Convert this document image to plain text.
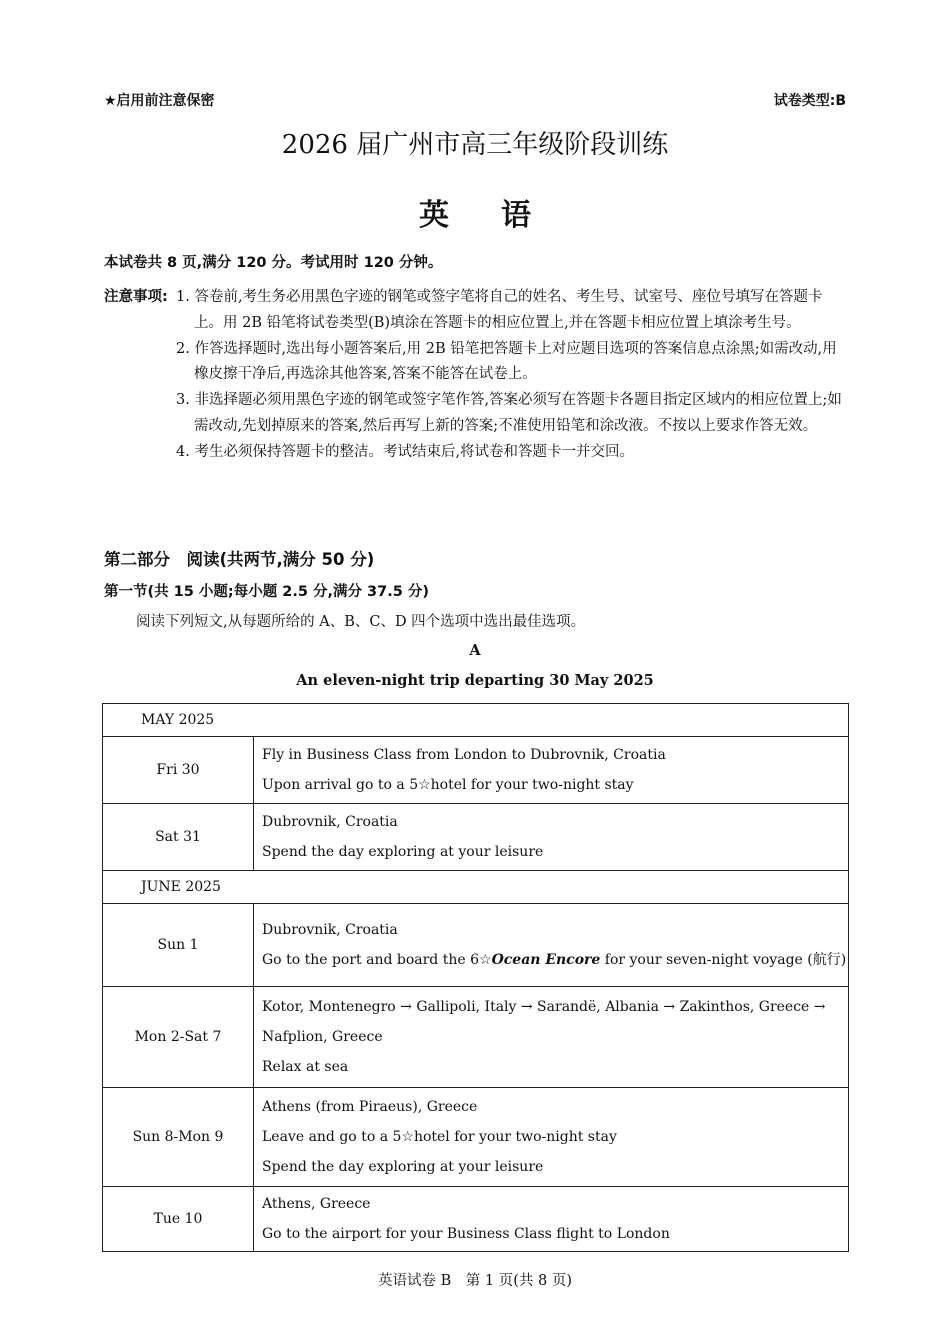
★启用前注意保密	试卷类型:B
2026 届广州市高三年级阶段训练
英语
本试卷共 8 页,满分 120 分。考试用时 120 分钟。
注意事项: 1. 答卷前,考生务必用黑色字迹的钢笔或签字笔将自己的姓名、考生号、试室号、座位号填写在答题卡上。用 2B 铅笔将试卷类型(B)填涂在答题卡的相应位置上,并在答题卡相应位置上填涂考生号。
2. 作答选择题时,选出每小题答案后,用 2B 铅笔把答题卡上对应题目选项的答案信息点涂黑;如需改动,用橡皮擦干净后,再选涂其他答案,答案不能答在试卷上。
3. 非选择题必须用黑色字迹的钢笔或签字笔作答,答案必须写在答题卡各题目指定区域内的相应位置上;如需改动,先划掉原来的答案,然后再写上新的答案;不准使用铅笔和涂改液。不按以上要求作答无效。
4. 考生必须保持答题卡的整洁。考试结束后,将试卷和答题卡一并交回。
第二部分　阅读(共两节,满分 50 分)
第一节(共 15 小题;每小题 2.5 分,满分 37.5 分)
阅读下列短文,从每题所给的 A、B、C、D 四个选项中选出最佳选项。
A
An eleven-night trip departing 30 May 2025
MAY 2025	
Fri 30	Fly in Business Class from London to Dubrovnik, Croatia
Upon arrival go to a 5☆hotel for your two-night stay

Sat 31	Dubrovnik, Croatia
Spend the day exploring at your leisure

JUNE 2025	
Sun 1	Dubrovnik, Croatia
Go to the port and board the 6☆Ocean Encore for your seven-night voyage (航行)

Mon 2-Sat 7	Kotor, Montenegro → Gallipoli, Italy → Sarandë, Albania → Zakinthos, Greece →
Nafplion, Greece
Relax at sea

Sun 8-Mon 9	Athens (from Piraeus), Greece
Leave and go to a 5☆hotel for your two-night stay
Spend the day exploring at your leisure

Tue 10	Athens, Greece
Go to the airport for your Business Class flight to London
英语试卷 B　第 1 页(共 8 页)
